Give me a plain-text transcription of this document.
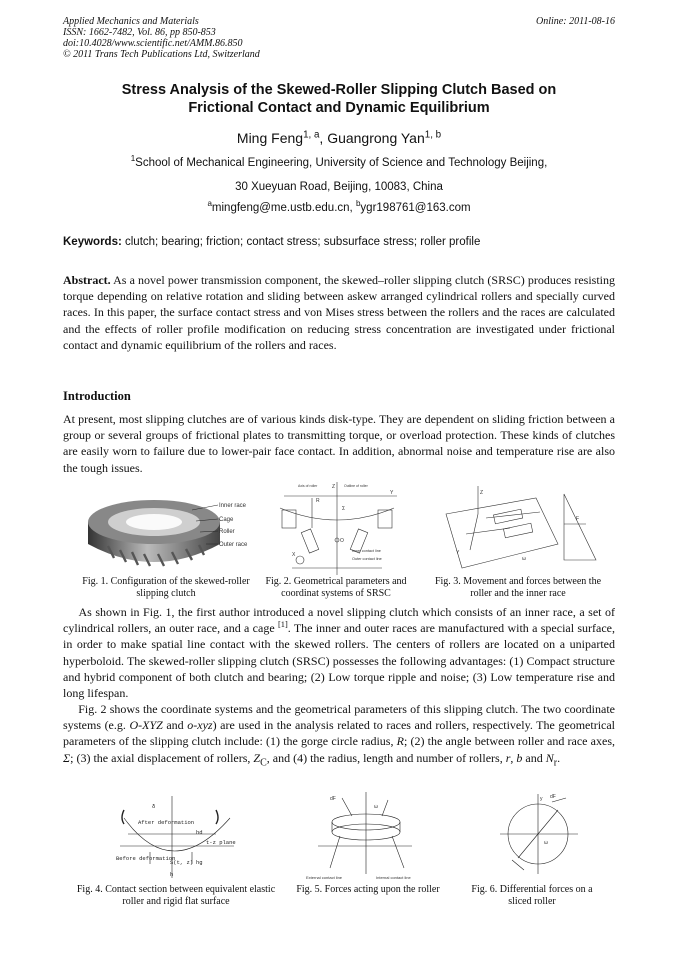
Applied Mechanics and Materials
ISSN: 1662-7482, Vol. 86, pp 850-853
doi:10.4028/www.scientific.net/AMM.86.850
© 2011 Trans Tech Publications Ltd, Switzerland
Online: 2011-08-16
Stress Analysis of the Skewed-Roller Slipping Clutch Based on
Frictional Contact and Dynamic Equilibrium
Ming Feng$^{1, a}$, Guangrong Yan$^{1, b}$
$^1$School of Mechanical Engineering, University of Science and Technology Beijing,
30 Xueyuan Road, Beijing, 10083, China
$^a$mingfeng@me.ustb.edu.cn, $^b$ygr198761@163.com
Keywords: clutch; bearing; friction; contact stress; subsurface stress; roller profile
Abstract. As a novel power transmission component, the skewed–roller slipping clutch (SRSC) produces resisting torque depending on relative rotation and sliding between askew arranged cylindrical rollers and specially curved races. In this paper, the surface contact stress and von Mises stress between the rollers and the races are calculated and the effects of roller profile modification on reducing stress concentration are investigated under frictional contact and dynamic equilibrium of the rollers and races.
Introduction
At present, most slipping clutches are of various kinds disk-type. They are dependent on sliding friction between a group or several groups of frictional plates to transmitting torque, or overload protection. These kinds of clutches are easily worn to failure due to lower-pair face contact. In addition, abnormal noise and temperature rise are also the tough issues.
Inner race
Cage
Roller
Outer race
Fig. 1. Configuration of the skewed-roller slipping clutch
Z
Axis of roller	Outline of roller
R
Σ
O
Y
X
Inner contact line
Outer contact line
Fig. 2. Geometrical parameters and coordinat systems of SRSC
Z
ω
Y
F
Fig. 3. Movement and forces between the roller and the inner race
  As shown in Fig. 1, the first author introduced a novel slipping clutch which consists of an inner race, a set of cylindrical rollers, an outer race, and a cage [1]. The inner and outer races are manufactured with a special surface, in order to make spatial line contact with the skewed rollers. The centers of rollers are located on a uniparted hyperboloid. The skewed-roller slipping clutch (SRSC) possesses the following advantages: (1) Compact structure and hybrid component of both clutch and bearing; (2) Low torque ripple and noise; (3) Low temperature rise and long lifespan.
  Fig. 2 shows the coordinate systems and the geometrical parameters of this slipping clutch. The two coordinate systems (e.g. O-XYZ and o-xyz) are used in the analysis related to races and rollers, respectively. The geometrical parameters of the slipping clutch include: (1) the gorge circle radius, R; (2) the angle between roller and race axes, Σ; (3) the axial displacement of rollers, $Z_C$, and (4) the radius, length and number of rollers, r, b and $N_r$.
δ
After deformation
hd
t-z plane
Before deformation
S(t, z) hg
h
Fig. 4. Contact section between equivalent elastic roller and rigid flat surface
dF
ω
External contact line	Internal contact line
Fig. 5. Forces acting upon the roller
dF
y
ω
Fig. 6. Differential forces on a sliced roller
